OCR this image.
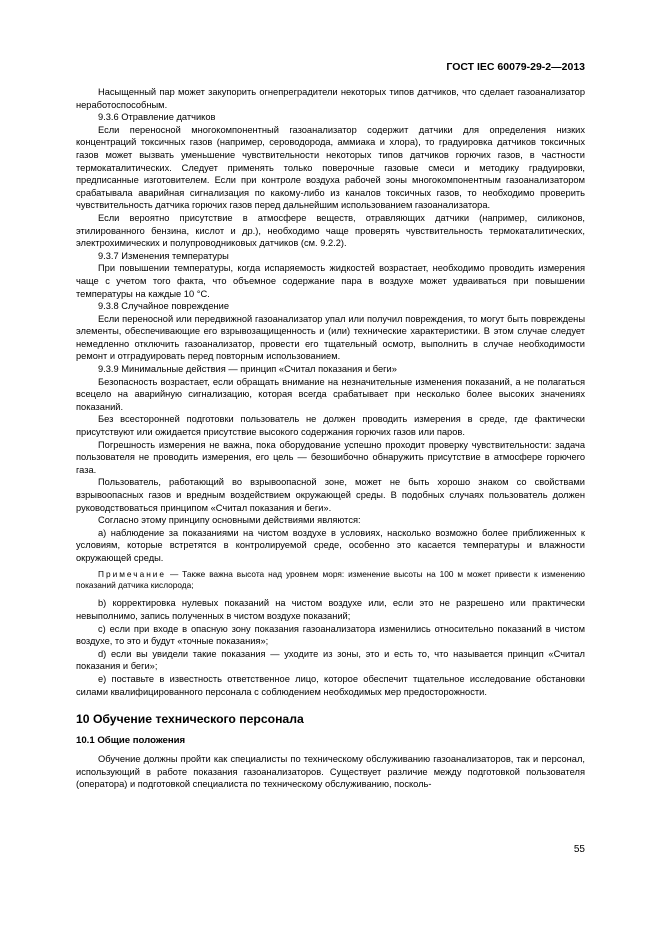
ГОСТ IEC 60079-29-2—2013
Насыщенный пар может закупорить огнепреградители некоторых типов датчиков, что сделает газоанализатор неработоспособным.
9.3.6 Отравление датчиков
Если переносной многокомпонентный газоанализатор содержит датчики для определения низких концентраций токсичных газов (например, сероводорода, аммиака и хлора), то градуировка датчиков токсичных газов может вызвать уменьшение чувствительности некоторых типов датчиков горючих газов, в частности термокаталитических. Следует применять только поверочные газовые смеси и методику градуировки, предписанные изготовителем. Если при контроле воздуха рабочей зоны многокомпонентным газоанализатором срабатывала аварийная сигнализация по какому-либо из каналов токсичных газов, то необходимо проверить чувствительность датчика горючих газов перед дальнейшим использованием газоанализатора.
Если вероятно присутствие в атмосфере веществ, отравляющих датчики (например, силиконов, этилированного бензина, кислот и др.), необходимо чаще проверять чувствительность термокаталитических, электрохимических и полупроводниковых датчиков (см. 9.2.2).
9.3.7 Изменения температуры
При повышении температуры, когда испаряемость жидкостей возрастает, необходимо проводить измерения чаще с учетом того факта, что объемное содержание пара в воздухе может удваиваться при повышении температуры на каждые 10 °С.
9.3.8 Случайное повреждение
Если переносной или передвижной газоанализатор упал или получил повреждения, то могут быть повреждены элементы, обеспечивающие его взрывозащищенность и (или) технические характеристики. В этом случае следует немедленно отключить газоанализатор, провести его тщательный осмотр, выполнить в случае необходимости ремонт и отградуировать перед повторным использованием.
9.3.9 Минимальные действия — принцип «Считал показания и беги»
Безопасность возрастает, если обращать внимание на незначительные изменения показаний, а не полагаться всецело на аварийную сигнализацию, которая всегда срабатывает при несколько более высоких значениях показаний.
Без всесторонней подготовки пользователь не должен проводить измерения в среде, где фактически присутствуют или ожидается присутствие высокого содержания горючих газов или паров.
Погрешность измерения не важна, пока оборудование успешно проходит проверку чувствительности: задача пользователя не проводить измерения, его цель — безошибочно обнаружить присутствие в атмосфере горючего газа.
Пользователь, работающий во взрывоопасной зоне, может не быть хорошо знаком со свойствами взрывоопасных газов и вредным воздействием окружающей среды. В подобных случаях пользователь должен руководствоваться принципом «Считал показания и беги».
Согласно этому принципу основными действиями являются:
а) наблюдение за показаниями на чистом воздухе в условиях, насколько возможно более приближенных к условиям, которые встретятся в контролируемой среде, особенно это касается температуры и влажности окружающей среды.
Примечание — Также важна высота над уровнем моря: изменение высоты на 100 м может привести к изменению показаний датчика кислорода;
b) корректировка нулевых показаний на чистом воздухе или, если это не разрешено или практически невыполнимо, запись полученных в чистом воздухе показаний;
с) если при входе в опасную зону показания газоанализатора изменились относительно показаний в чистом воздухе, то это и будут «точные показания»;
d) если вы увидели такие показания — уходите из зоны, это и есть то, что называется принцип «Считал показания и беги»;
е) поставьте в известность ответственное лицо, которое обеспечит тщательное исследование обстановки силами квалифицированного персонала с соблюдением необходимых мер предосторожности.
10 Обучение технического персонала
10.1 Общие положения
Обучение должны пройти как специалисты по техническому обслуживанию газоанализаторов, так и персонал, использующий в работе показания газоанализаторов. Существует различие между подготовкой пользователя (оператора) и подготовкой специалиста по техническому обслуживанию, посколь-
55
